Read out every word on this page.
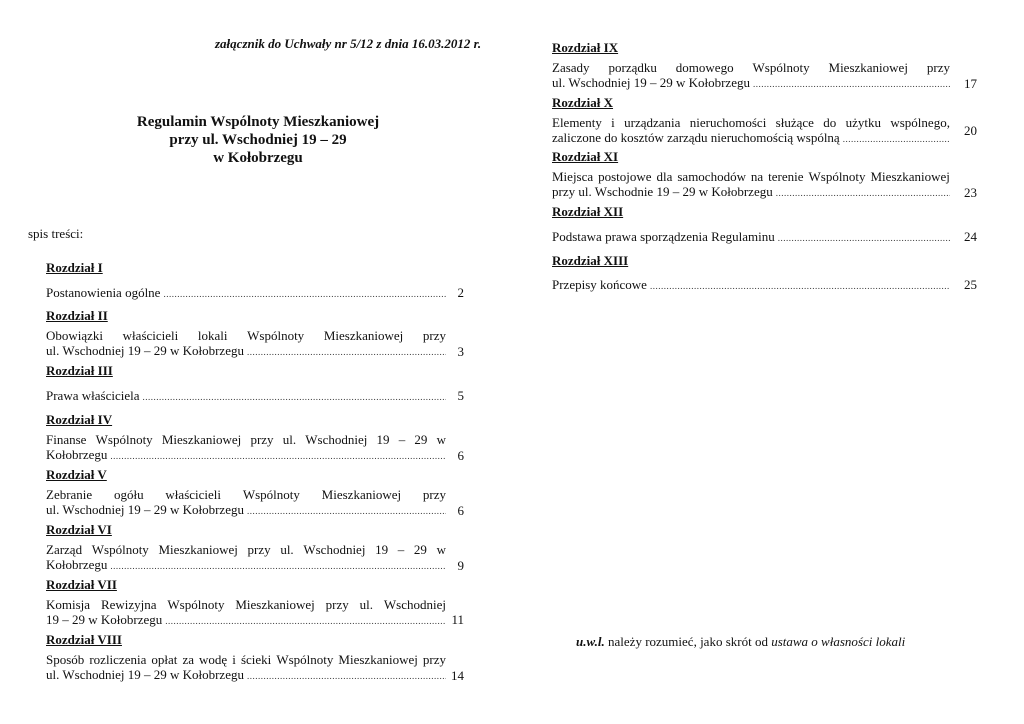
załącznik do Uchwały nr 5/12 z dnia 16.03.2012 r.
Regulamin Wspólnoty Mieszkaniowej
przy ul. Wschodniej 19 – 29
w Kołobrzegu
spis treści:
u.w.l. należy rozumieć, jako skrót od ustawa o własności lokali
Rozdział I
Postanowienia ogólne .....	2
Rozdział II
Obowiązki właścicieli lokali Wspólnoty Mieszkaniowej przy
ul. Wschodniej 19 – 29 w Kołobrzegu .....	3
Rozdział III
Prawa właściciela .....	5
Rozdział IV
Finanse Wspólnoty Mieszkaniowej przy ul. Wschodniej 19 – 29 w
Kołobrzegu .....	6
Rozdział V
Zebranie ogółu właścicieli Wspólnoty Mieszkaniowej przy
ul. Wschodniej 19 – 29 w Kołobrzegu .....	6
Rozdział VI
Zarząd Wspólnoty Mieszkaniowej przy ul. Wschodniej 19 – 29 w
Kołobrzegu .....	9
Rozdział VII
Komisja Rewizyjna Wspólnoty Mieszkaniowej przy ul. Wschodniej
19 – 29 w Kołobrzegu .....	11
Rozdział VIII
Sposób rozliczenia opłat za wodę i ścieki Wspólnoty Mieszkaniowej przy
ul. Wschodniej 19 – 29 w Kołobrzegu .....	14
Rozdział IX
Zasady porządku domowego Wspólnoty Mieszkaniowej przy
ul. Wschodniej 19 – 29 w Kołobrzegu .....	17
Rozdział X
Elementy i urządzania nieruchomości służące do użytku wspólnego,
zaliczone do kosztów zarządu nieruchomością wspólną
.....	20
Rozdział XI
Miejsca postojowe dla samochodów na terenie Wspólnoty Mieszkaniowej
przy ul. Wschodnie 19 – 29 w Kołobrzegu .....	23
Rozdział XII
Podstawa prawa sporządzenia Regulaminu .....	24
Rozdział XIII
Przepisy końcowe .....	25
